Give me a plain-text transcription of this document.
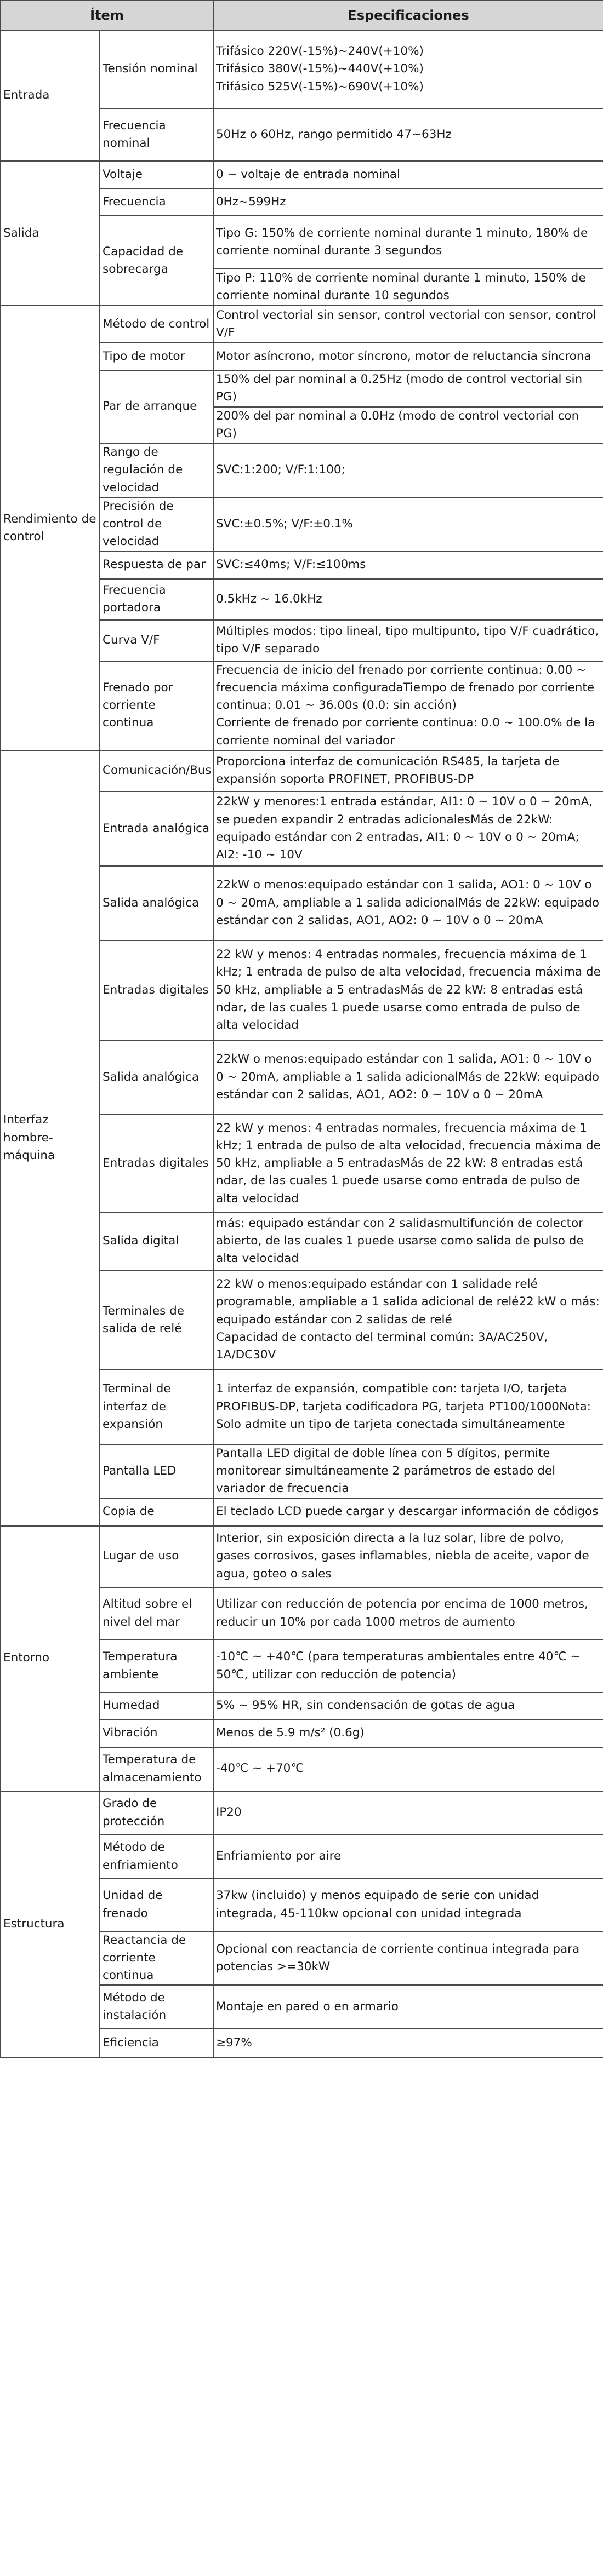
Ítem		Especificaciones
Entrada	Tensión nominal	Trifásico 220V(-15%)~240V(+10%)
Trifásico 380V(-15%)~440V(+10%)
Trifásico 525V(-15%)~690V(+10%)
	Frecuencia nominal	50Hz o 60Hz, rango permitido 47~63Hz
Salida	Voltaje	0 ~ voltaje de entrada nominal
	Frecuencia	0Hz~599Hz
	Capacidad de sobrecarga	Tipo G: 150% de corriente nominal durante 1 minuto, 180% de corriente nominal durante 3 segundos
		Tipo P: 110% de corriente nominal durante 1 minuto, 150% de corriente nominal durante 10 segundos
Rendimiento de control	Método de control	Control vectorial sin sensor, control vectorial con sensor, control V/F
	Tipo de motor	Motor asíncrono, motor síncrono, motor de reluctancia síncrona
	Par de arranque	150% del par nominal a 0.25Hz (modo de control vectorial sin PG)
		200% del par nominal a 0.0Hz (modo de control vectorial con PG)
	Rango de regulación de velocidad	SVC:1:200; V/F:1:100;
	Precisión de control de velocidad	SVC:±0.5%; V/F:±0.1%
	Respuesta de par	SVC:≤40ms; V/F:≤100ms
	Frecuencia portadora	0.5kHz ~ 16.0kHz
	Curva V/F	Múltiples modos: tipo lineal, tipo multipunto, tipo V/F cuadrático, tipo V/F separado
	Frenado por corriente continua	Frecuencia de inicio del frenado por corriente continua: 0.00 ~ frecuencia máxima configuradaTiempo de frenado por corriente continua: 0.01 ~ 36.00s (0.0: sin acción)
Corriente de frenado por corriente continua: 0.0 ~ 100.0% de la corriente nominal del variador
Interfaz hombre-máquina	Comunicación/Bus	Proporciona interfaz de comunicación RS485, la tarjeta de expansión soporta PROFINET, PROFIBUS-DP
	Entrada analógica	22kW y menores:1 entrada estándar, AI1: 0 ~ 10V o 0 ~ 20mA, se pueden expandir 2 entradas adicionalesMás de 22kW: equipado estándar con 2 entradas, AI1: 0 ~ 10V o 0 ~ 20mA; AI2: -10 ~ 10V
	Salida analógica	22kW o menos:equipado estándar con 1 salida, AO1: 0 ~ 10V o 0 ~ 20mA, ampliable a 1 salida adicionalMás de 22kW: equipado estándar con 2 salidas, AO1, AO2: 0 ~ 10V o 0 ~ 20mA
	Entradas digitales	22 kW y menos: 4 entradas normales, frecuencia máxima de 1 kHz; 1 entrada de pulso de alta velocidad, frecuencia máxima de 50 kHz, ampliable a 5 entradasMás de 22 kW: 8 entradas está ndar, de las cuales 1 puede usarse como entrada de pulso de alta velocidad
	Salida analógica	22kW o menos:equipado estándar con 1 salida, AO1: 0 ~ 10V o 0 ~ 20mA, ampliable a 1 salida adicionalMás de 22kW: equipado estándar con 2 salidas, AO1, AO2: 0 ~ 10V o 0 ~ 20mA
	Entradas digitales	22 kW y menos: 4 entradas normales, frecuencia máxima de 1 kHz; 1 entrada de pulso de alta velocidad, frecuencia máxima de 50 kHz, ampliable a 5 entradasMás de 22 kW: 8 entradas está ndar, de las cuales 1 puede usarse como entrada de pulso de alta velocidad
	Salida digital	más: equipado estándar con 2 salidasmultifunción de colector abierto, de las cuales 1 puede usarse como salida de pulso de alta velocidad
	Terminales de salida de relé	22 kW o menos:equipado estándar con 1 salidade relé programable, ampliable a 1 salida adicional de relé22 kW o más: equipado estándar con 2 salidas de relé
Capacidad de contacto del terminal común: 3A/AC250V, 1A/DC30V
	Terminal de interfaz de expansión	1 interfaz de expansión, compatible con: tarjeta I/O, tarjeta PROFIBUS-DP, tarjeta codificadora PG, tarjeta PT100/1000Nota: Solo admite un tipo de tarjeta conectada simultáneamente
	Pantalla LED	Pantalla LED digital de doble línea con 5 dígitos, permite monitorear simultáneamente 2 parámetros de estado del variador de frecuencia
	Copia de	El teclado LCD puede cargar y descargar información de códigos
Entorno	Lugar de uso	Interior, sin exposición directa a la luz solar, libre de polvo, gases corrosivos, gases inflamables, niebla de aceite, vapor de agua, goteo o sales
	Altitud sobre el nivel del mar	Utilizar con reducción de potencia por encima de 1000 metros, reducir un 10% por cada 1000 metros de aumento
	Temperatura ambiente	-10℃ ~ +40℃ (para temperaturas ambientales entre 40℃ ~ 50℃, utilizar con reducción de potencia)
	Humedad	5% ~ 95% HR, sin condensación de gotas de agua
	Vibración	Menos de 5.9 m/s² (0.6g)
	Temperatura de almacenamiento	-40℃ ~ +70℃
Estructura	Grado de protección	IP20
	Método de enfriamiento	Enfriamiento por aire
	Unidad de frenado	37kw (incluido) y menos equipado de serie con unidad integrada, 45-110kw opcional con unidad integrada
	Reactancia de corriente continua	Opcional con reactancia de corriente continua integrada para potencias >=30kW
	Método de instalación	Montaje en pared o en armario
	Eficiencia	≥97%
